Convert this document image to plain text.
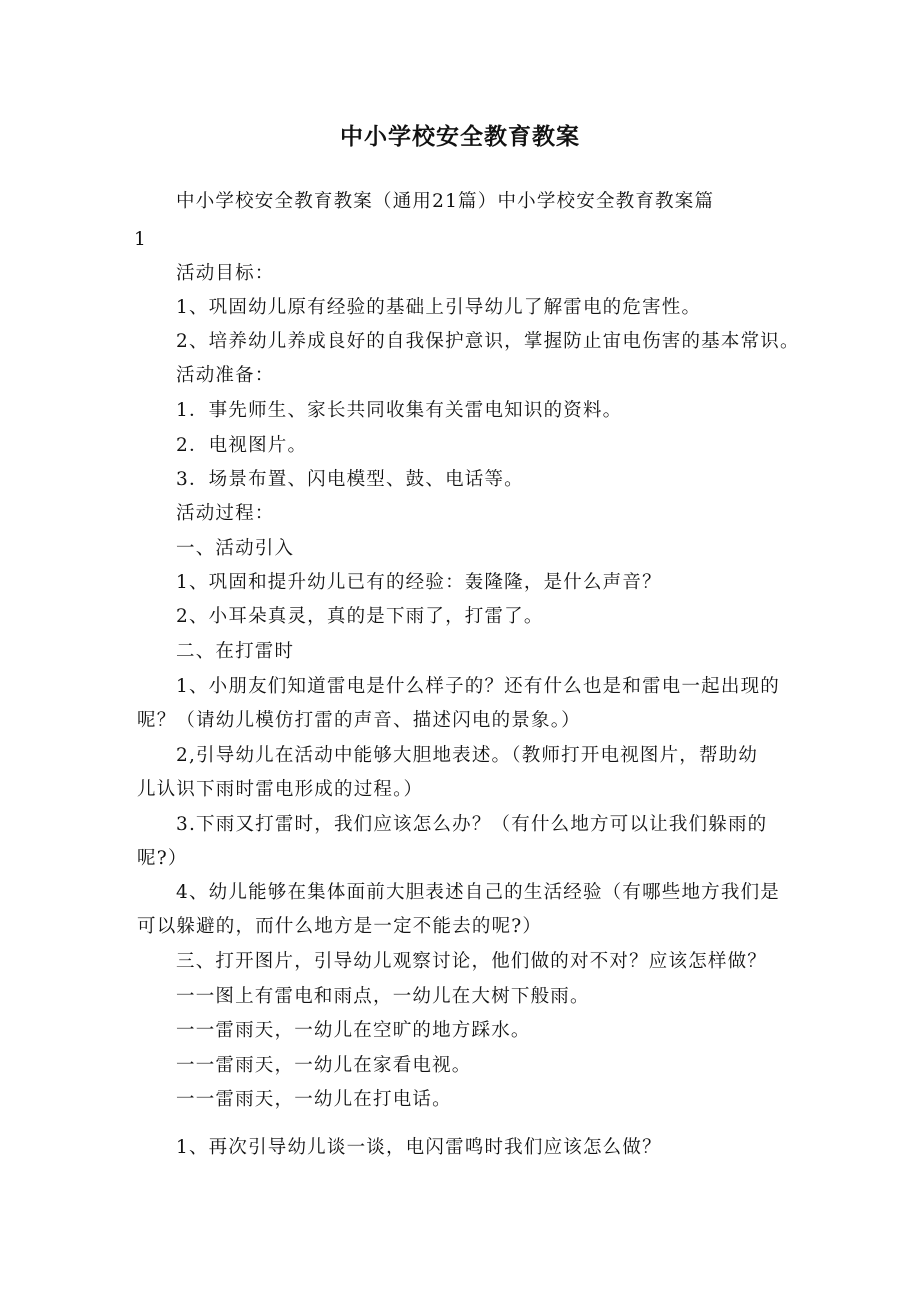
中小学校安全教育教案
中小学校安全教育教案（通用21篇）中小学校安全教育教案篇
1
活动目标：
1、巩固幼儿原有经验的基础上引导幼儿了解雷电的危害性。
2、培养幼儿养成良好的自我保护意识，掌握防止宙电伤害的基本常识。
活动准备：
1．事先师生、家长共同收集有关雷电知识的资料。
2．电视图片。
3．场景布置、闪电模型、鼓、电话等。
活动过程：
一、活动引入
1、巩固和提升幼儿已有的经验：轰隆隆，是什么声音？
2、小耳朵真灵，真的是下雨了，打雷了。
二、在打雷时
1、小朋友们知道雷电是什么样子的？还有什么也是和雷电一起出现的
呢？（请幼儿模仿打雷的声音、描述闪电的景象。）
2,引导幼儿在活动中能够大胆地表述。（教师打开电视图片，帮助幼
儿认识下雨时雷电形成的过程。）
3.下雨又打雷时，我们应该怎么办？（有什么地方可以让我们躲雨的
呢?）
4、幼儿能够在集体面前大胆表述自己的生活经验（有哪些地方我们是
可以躲避的，而什么地方是一定不能去的呢?）
三、打开图片，引导幼儿观察讨论，他们做的对不对？应该怎样做？
一一图上有雷电和雨点，一幼儿在大树下般雨。
一一雷雨天，一幼儿在空旷的地方踩水。
一一雷雨天，一幼儿在家看电视。
一一雷雨天，一幼儿在打电话。
1、再次引导幼儿谈一谈，电闪雷鸣时我们应该怎么做？
